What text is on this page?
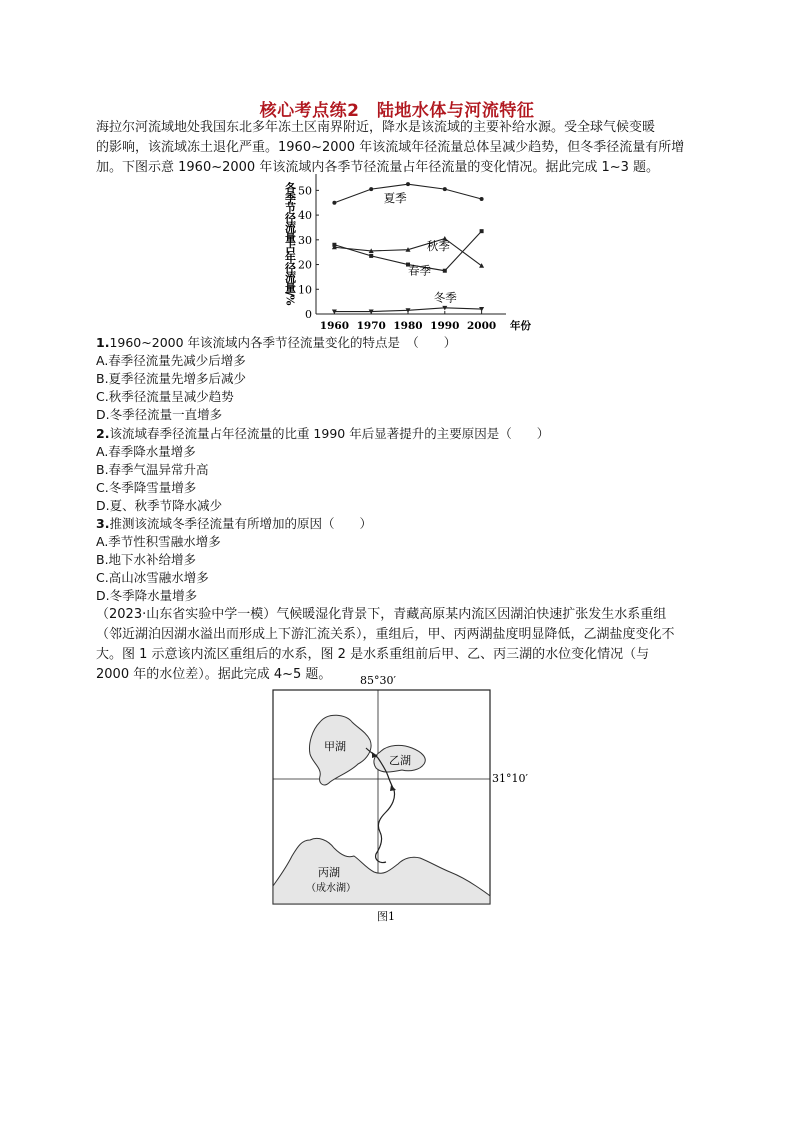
核心考点练2　陆地水体与河流特征
海拉尔河流域地处我国东北多年冻土区南界附近，降水是该流域的主要补给水源。受全球气候变暖
的影响，该流域冻土退化严重。1960~2000 年该流域年径流量总体呈减少趋势，但冬季径流量有所增
加。下图示意 1960~2000 年该流域内各季节径流量占年径流量的变化情况。据此完成 1~3 题。
0
10
20
30
40
50
1960 1970 1980 1990 2000 年份
各季节径流量占年径流量/%	夏季
秋季
春季
冬季
1.1960~2000 年该流域内各季节径流量变化的特点是　（　　）
A.春季径流量先减少后增多
B.夏季径流量先增多后减少
C.秋季径流量呈减少趋势
D.冬季径流量一直增多
2.该流域春季径流量占年径流量的比重 1990 年后显著提升的主要原因是（　　）
A.春季降水量增多
B.春季气温异常升高
C.冬季降雪量增多
D.夏、秋季节降水减少
3.推测该流域冬季径流量有所增加的原因（　　）
A.季节性积雪融水增多
B.地下水补给增多
C.高山冰雪融水增多
D.冬季降水量增多
（2023·山东省实验中学一模）气候暖湿化背景下，青藏高原某内流区因湖泊快速扩张发生水系重组
（邻近湖泊因湖水溢出而形成上下游汇流关系），重组后，甲、丙两湖盐度明显降低，乙湖盐度变化不
大。图 1 示意该内流区重组后的水系，图 2 是水系重组前后甲、乙、丙三湖的水位变化情况（与
2000 年的水位差）。据此完成 4~5 题。	85°30′
31°10′
甲湖
乙湖
丙湖
（成水湖）
图1
